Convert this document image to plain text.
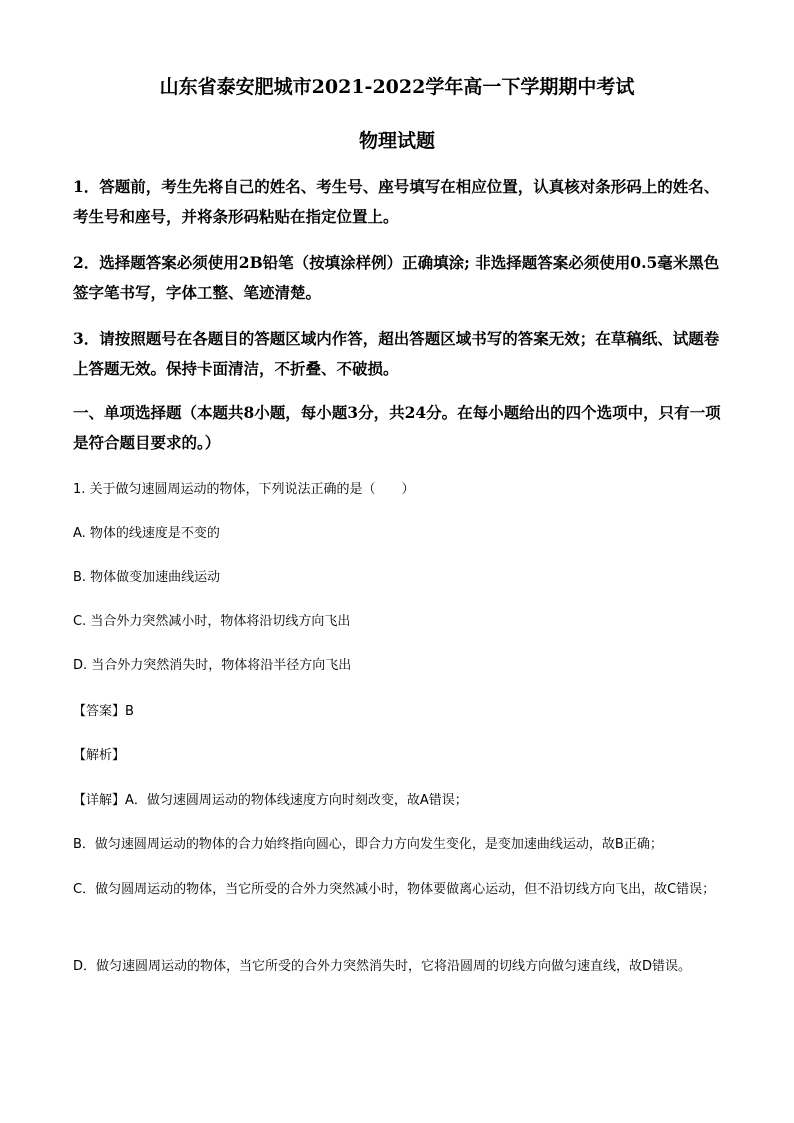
山东省泰安肥城市2021-2022学年高一下学期期中考试
物理试题

1．答题前，考生先将自己的姓名、考生号、座号填写在相应位置，认真核对条形码上的姓名、考生号和座号，并将条形码粘贴在指定位置上。

2．选择题答案必须使用2B铅笔（按填涂样例）正确填涂; 非选择题答案必须使用0.5毫米黑色签字笔书写，字体工整、笔迹清楚。

3．请按照题号在各题目的答题区域内作答，超出答题区域书写的答案无效；在草稿纸、试题卷上答题无效。保持卡面清洁，不折叠、不破损。

一、单项选择题（本题共8小题，每小题3分，共24分。在每小题给出的四个选项中，只有一项是符合题目要求的。）

1. 关于做匀速圆周运动的物体，下列说法正确的是（　　）
A. 物体的线速度是不变的
B. 物体做变加速曲线运动
C. 当合外力突然减小时，物体将沿切线方向飞出
D. 当合外力突然消失时，物体将沿半径方向飞出
【答案】B
【解析】
【详解】A．做匀速圆周运动的物体线速度方向时刻改变，故A错误；
B．做匀速圆周运动的物体的合力始终指向圆心，即合力方向发生变化，是变加速曲线运动，故B正确；

C．做匀圆周运动的物体，当它所受的合外力突然减小时，物体要做离心运动，但不沿切线方向飞出，故C错误；

D．做匀速圆周运动的物体，当它所受的合外力突然消失时，它将沿圆周的切线方向做匀速直线，故D错误。
